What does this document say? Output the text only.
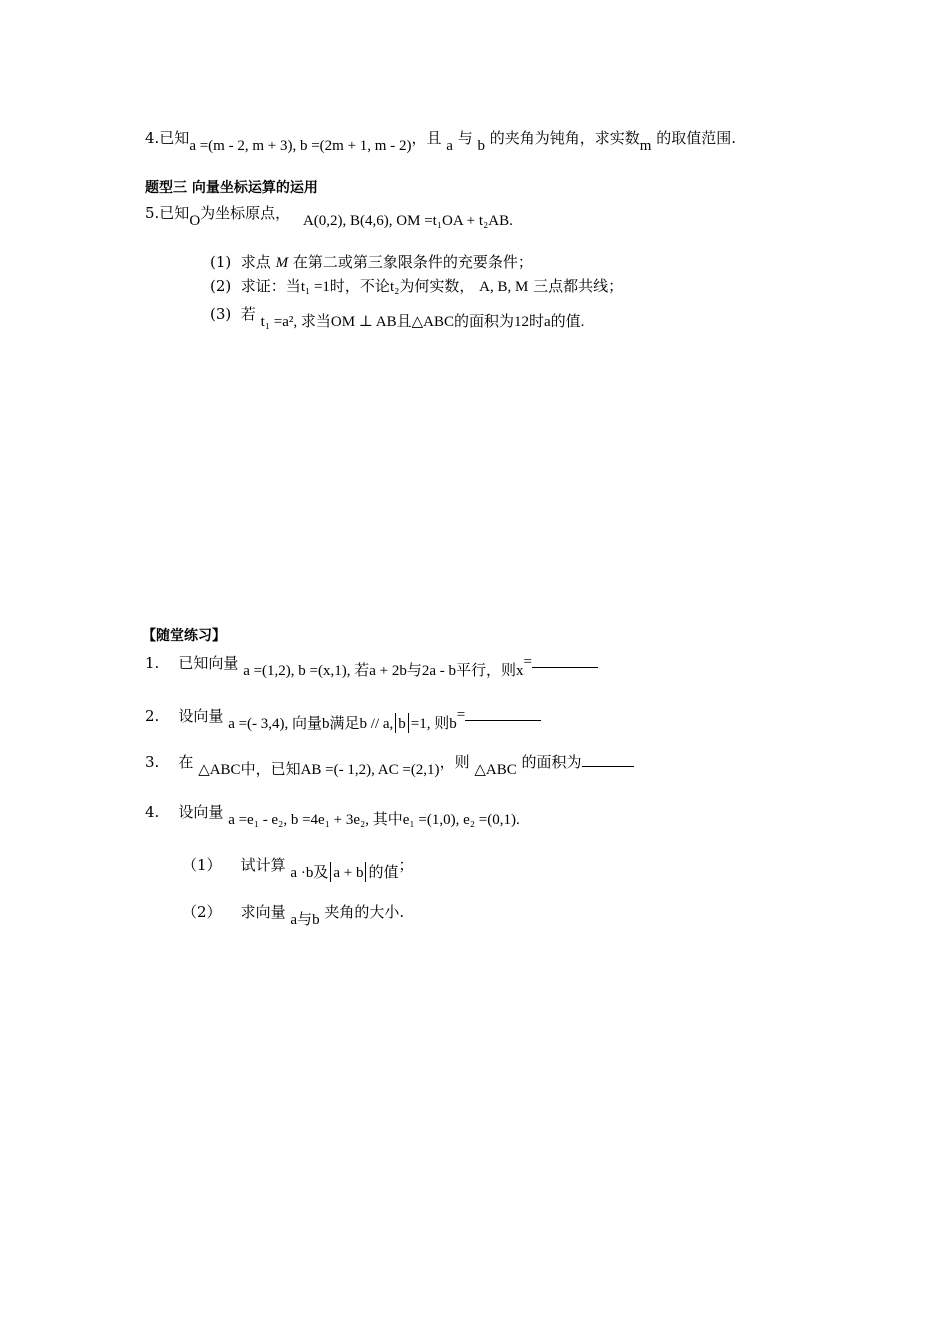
4.已知a =(m - 2, m + 3), b =(2m + 1, m - 2)，且 a 与 b 的夹角为钝角，求实数m 的取值范围.
题型三 向量坐标运算的运用
5.已知O为坐标原点， A(0,2), B(4,6), OM =t₁OA + t₂AB.
(1) 求点 M 在第二或第三象限条件的充要条件；
(2) 求证：当t₁ =1时，不论t₂为何实数， A, B, M 三点都共线；
(3) 若 t₁ =a², 求当OM ⊥ AB且△ABC的面积为12时a的值.
【随堂练习】
1. 已知向量 a =(1,2), b =(x,1), 若a + 2b与2a - b平行，则x=
2. 设向量 a =(- 3,4), 向量b满足b // a, b =1, 则b=
3. 在 △ABC中，已知AB =(- 1,2), AC =(2,1)，则 △ABC 的面积为
4. 设向量 a =e₁ - e₂, b =4e₁ + 3e₂, 其中e₁ =(1,0), e₂ =(0,1).
（1） 试计算 a ·b及 a + b 的值；
（2） 求向量 a与b 夹角的大小.
